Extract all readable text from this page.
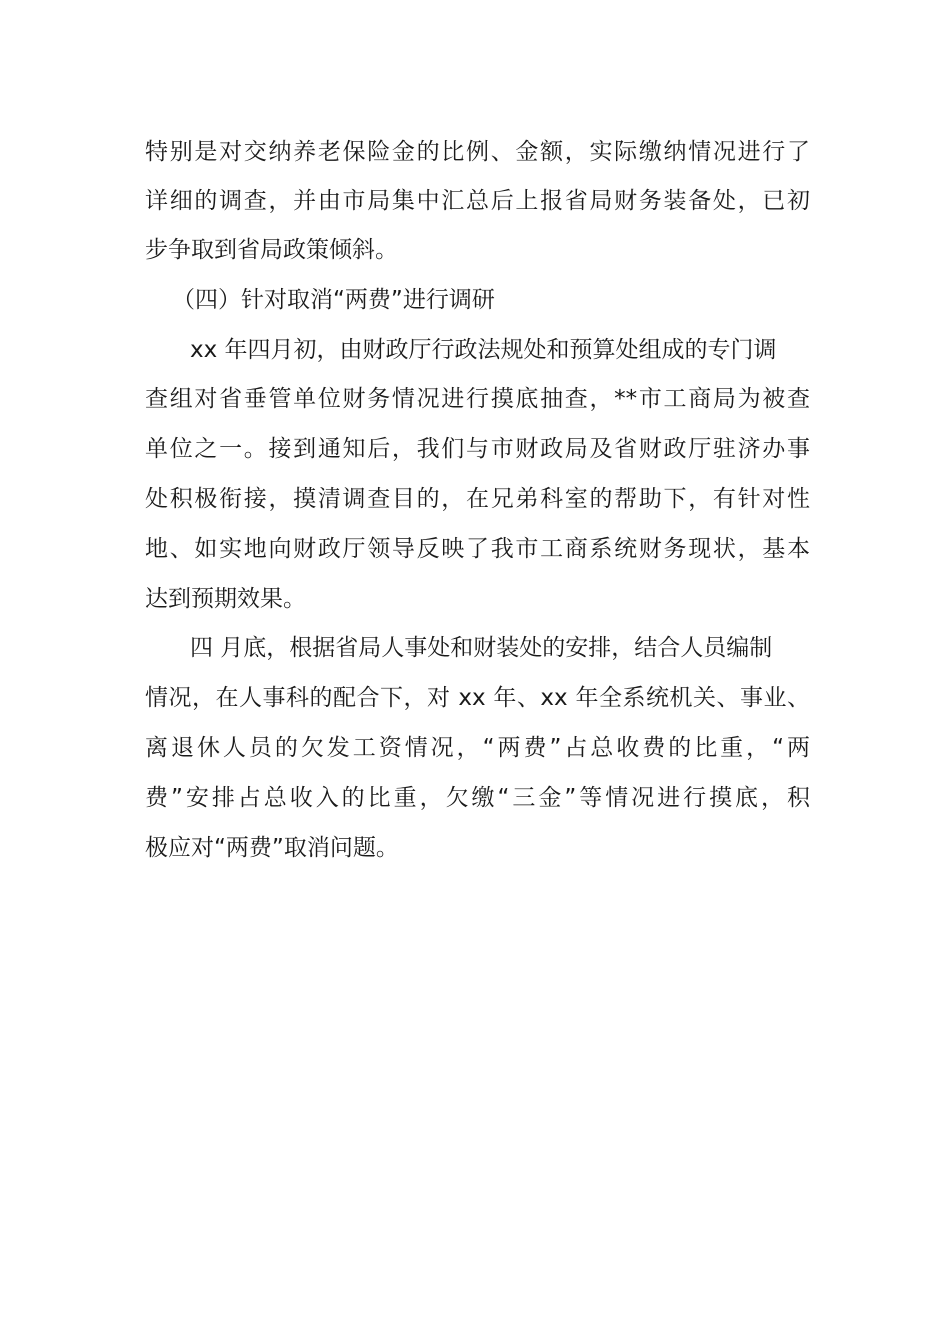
特别是对交纳养老保险金的比例、金额，实际缴纳情况进行了
详细的调查，并由市局集中汇总后上报省局财务装备处，已初
步争取到省局政策倾斜。
（四）针对取消“两费”进行调研
xx 年四月初，由财政厅行政法规处和预算处组成的专门调
查组对省垂管单位财务情况进行摸底抽查，**市工商局为被查
单位之一。接到通知后，我们与市财政局及省财政厅驻济办事
处积极衔接，摸清调查目的，在兄弟科室的帮助下，有针对性
地、如实地向财政厅领导反映了我市工商系统财务现状，基本
达到预期效果。
四 月底，根据省局人事处和财装处的安排，结合人员编制
情况，在人事科的配合下，对 xx 年、xx 年全系统机关、事业、
离退休人员的欠发工资情况，“两费”占总收费的比重，“两
费”安排占总收入的比重，欠缴“三金”等情况进行摸底，积
极应对“两费”取消问题。
